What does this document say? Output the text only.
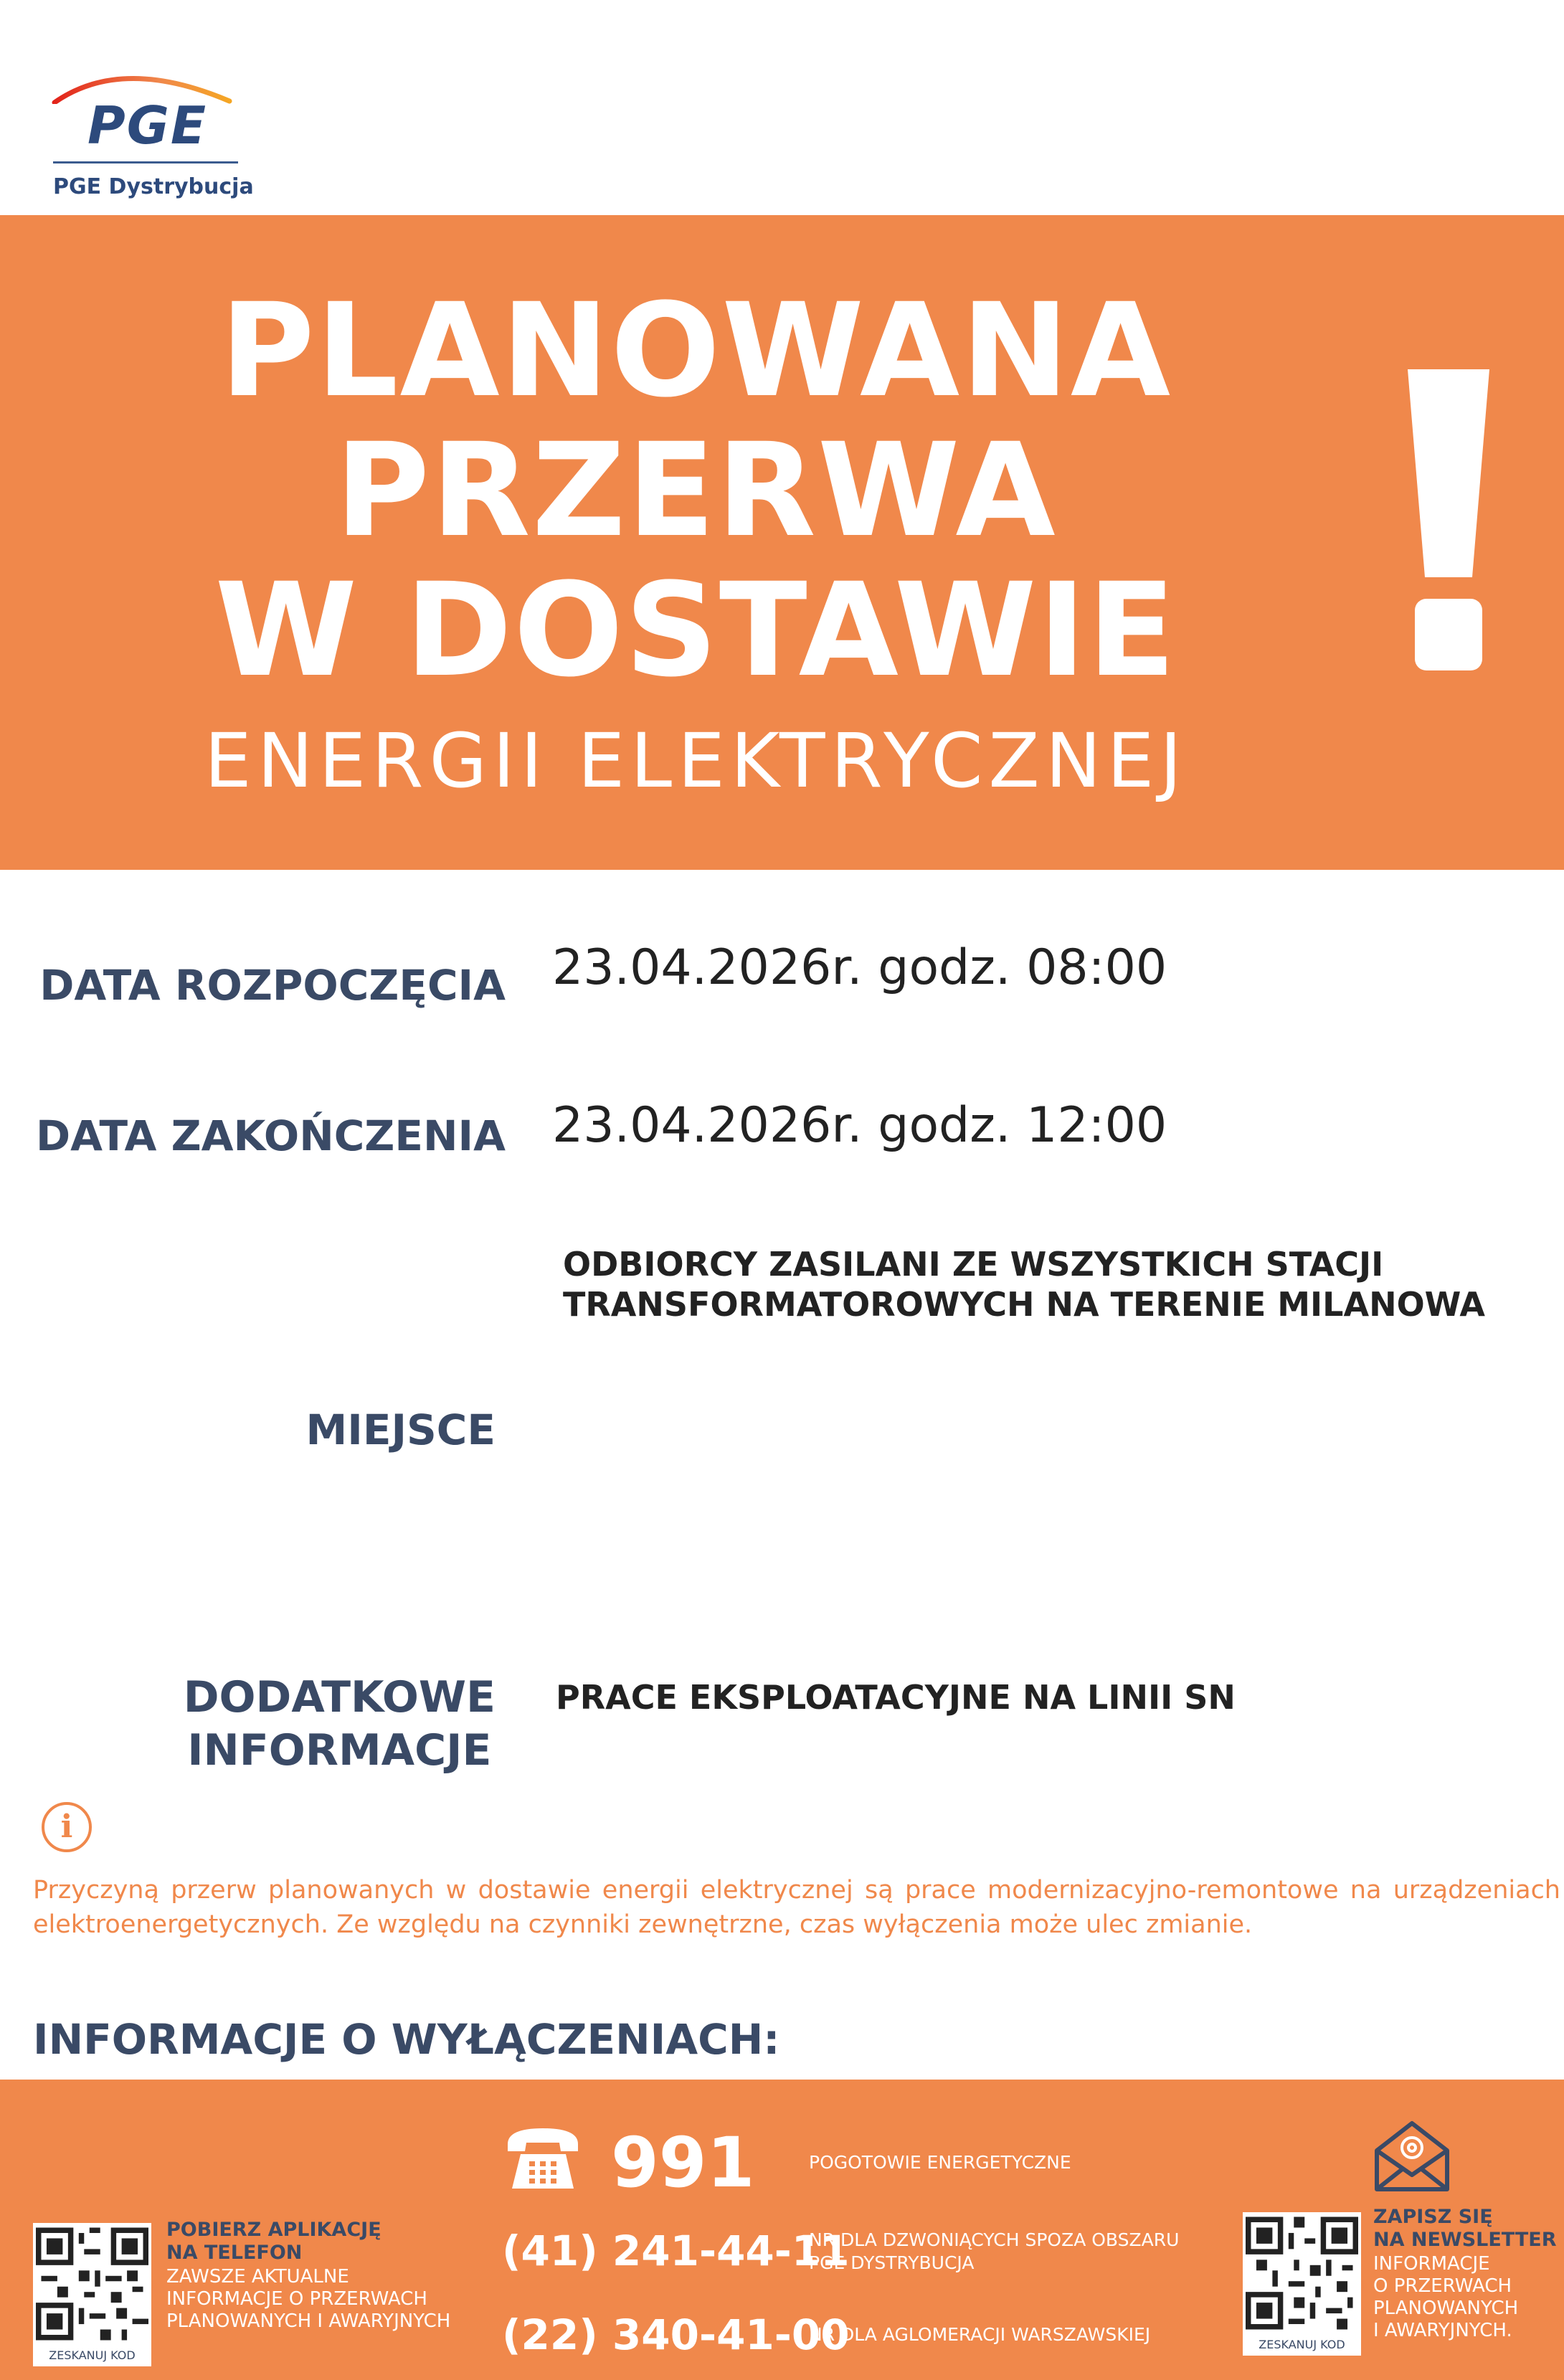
PGE
PGE Dystrybucja
PLANOWANA
PRZERWA
W DOSTAWIE
ENERGII ELEKTRYCZNEJ
DATA ROZPOCZĘCIA 23.04.2026r. godz. 08:00
DATA ZAKOŃCZENIA 23.04.2026r. godz. 12:00
ODBIORCY ZASILANI ZE WSZYSTKICH STACJI
TRANSFORMATOROWYCH NA TERENIE MILANOWA
MIEJSCE
DODATKOWE
INFORMACJE
PRACE EKSPLOATACYJNE NA LINII SN
i
Przyczyną przerw planowanych w dostawie energii elektrycznej są prace modernizacyjno-remontowe na urządzeniach elektroenergetycznych. Ze względu na czynniki zewnętrzne, czas wyłączenia może ulec zmianie.
INFORMACJE O WYŁĄCZENIACH:
ZESKANUJ KOD
POBIERZ APLIKACJĘ
NA TELEFON
ZAWSZE AKTUALNE
INFORMACJE O PRZERWACH
PLANOWANYCH I AWARYJNYCH
991	POGOTOWIE ENERGETYCZNE
(41) 241-44-11
NR DLA DZWONIĄCYCH SPOZA OBSZARU
PGE DYSTRYBUCJA
(22) 340-41-00
NR DLA AGLOMERACJI WARSZAWSKIEJ
ZAPISZ SIĘ
NA NEWSLETTER
INFORMACJE
O PRZERWACH
PLANOWANYCH
I AWARYJNYCH.
ZESKANUJ KOD
